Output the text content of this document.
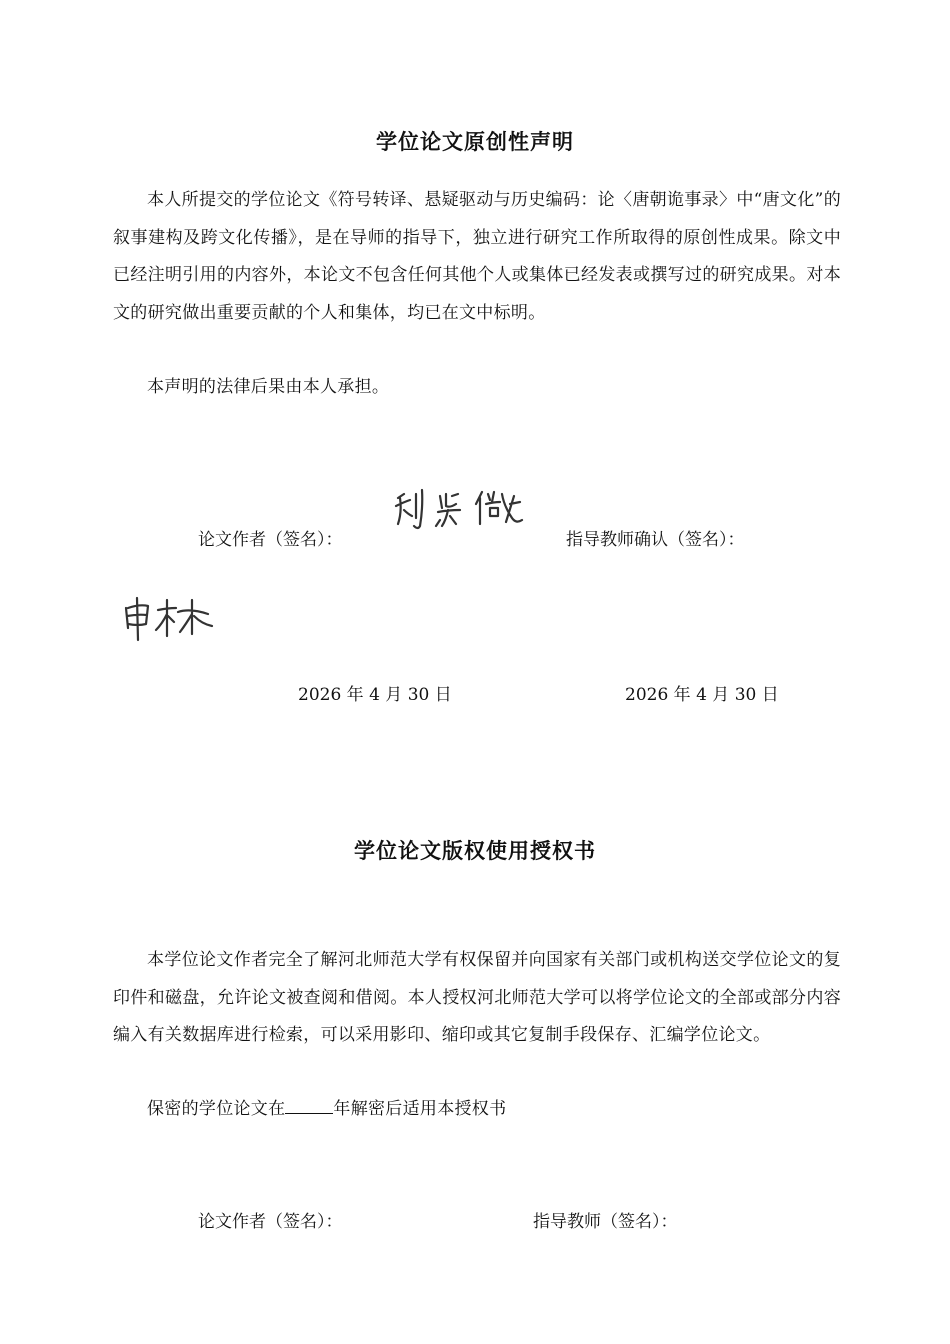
学位论文原创性声明
本人所提交的学位论文《符号转译、悬疑驱动与历史编码：论〈唐朝诡事录〉中“唐文化”的叙事建构及跨文化传播》，是在导师的指导下，独立进行研究工作所取得的原创性成果。除文中已经注明引用的内容外，本论文不包含任何其他个人或集体已经发表或撰写过的研究成果。对本文的研究做出重要贡献的个人和集体，均已在文中标明。
本声明的法律后果由本人承担。
论文作者（签名）：	指导教师确认（签名）：
2026 年 4 月 30 日	2026 年 4 月 30 日
学位论文版权使用授权书
本学位论文作者完全了解河北师范大学有权保留并向国家有关部门或机构送交学位论文的复印件和磁盘，允许论文被查阅和借阅。本人授权河北师范大学可以将学位论文的全部或部分内容编入有关数据库进行检索，可以采用影印、缩印或其它复制手段保存、汇编学位论文。
保密的学位论文在	年解密后适用本授权书
论文作者（签名）：	指导教师（签名）：
